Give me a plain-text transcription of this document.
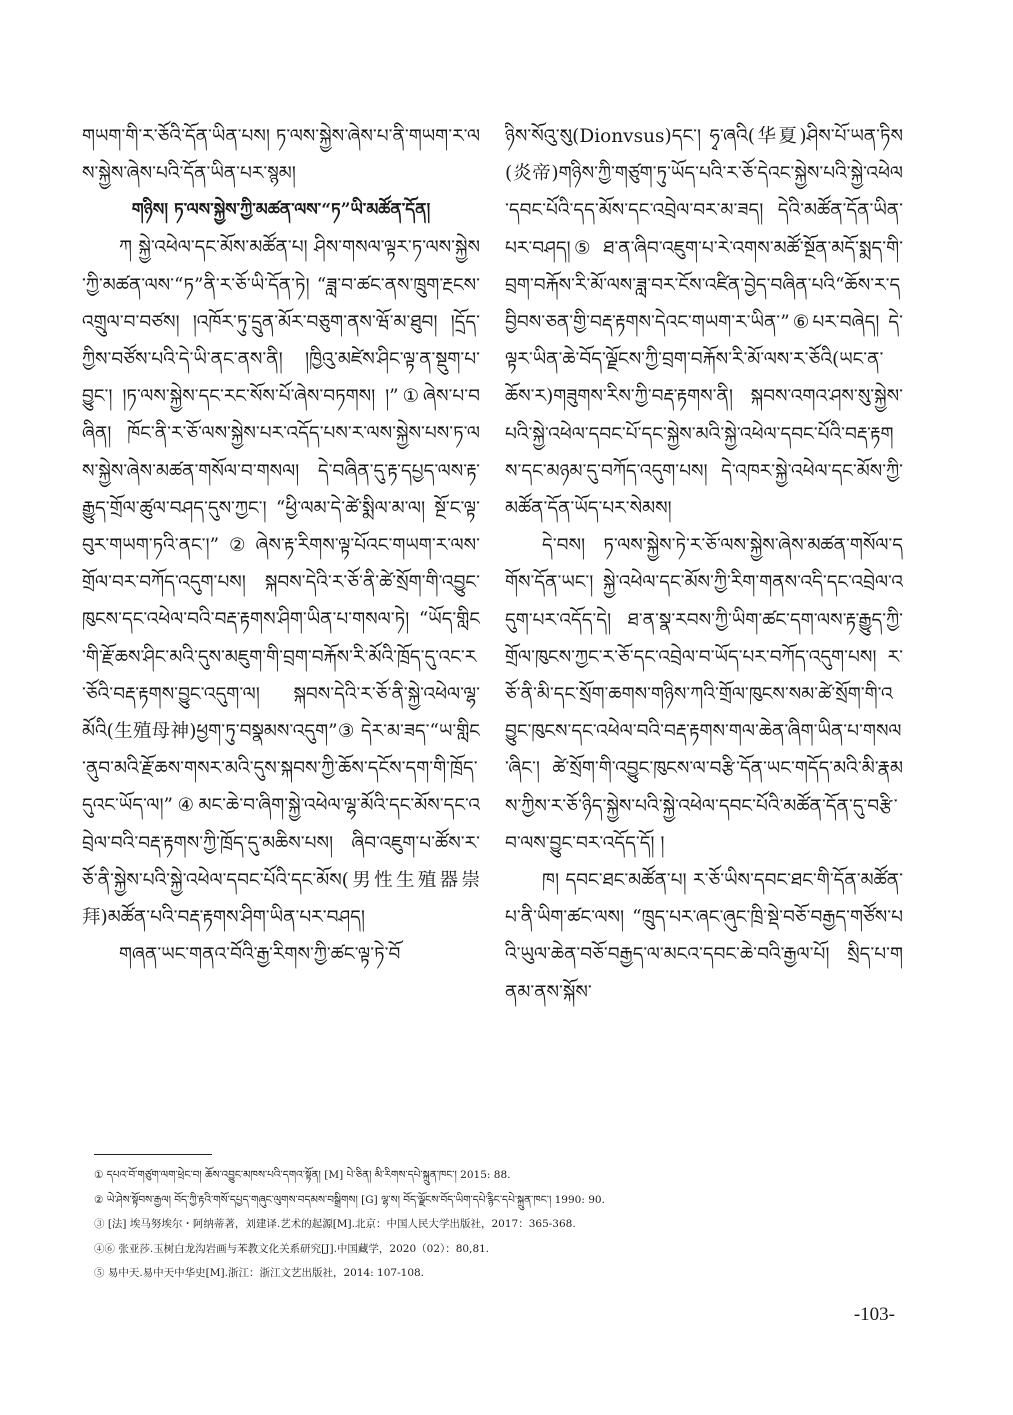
གཡག་གི་ར་ཅོའི་དོན་ཡིན་པས། ཏ་ལས་སྐྱེས་ཞེས་པ་ནི་གཡག་ར་ལས་སྐྱེས་ཞེས་པའི་དོན་ཡིན་པར་སྙམ།

གཉིས། ཏ་ལས་སྐྱེས་ཀྱི་མཚན་ལས་“ཏ”ཡི་མཚོན་དོན།

ཀ སྐྱེ་འཕེལ་དང་མོས་མཚོན་པ། ཤིས་གསལ་ལྟར་ཏ་ལས་སྐྱེས་ཀྱི་མཚན་ལས་“ཏ”ནི་ར་ཅོ་ཡི་དོན་ཏེ། “ཟླ་བ་ཚང་ནས་ཁྲུག་རྔངས་འགྲུལ་བ་བཙས། །འཁོར་ཏུ་དྲུན་མོར་བཅུག་ནས་ཝོ་མ་ཐུབ། །དྲོད་ཀྱིས་བཙོས་པའི་དེ་ཡི་ནང་ནས་ནི། །ཁྱིའུ་མཛེས་ཤིང་ལྟ་ན་སྡུག་པ་བྱུང་། །ཏ་ལས་སྐྱེས་དང་རང་སོས་པོ་ཞེས་བཏགས། །”①ཞེས་པ་བཞིན། ཁོང་ནི་ར་ཅོ་ལས་སྐྱེས་པར་འདོད་པས་ར་ལས་སྐྱེས་པས་ཏ་ལས་སྐྱེས་ཞེས་མཚན་གསོལ་བ་གསལ། དེ་བཞིན་དུ་རྟ་དཔྱད་ལས་རྟ་རྒྱུད་གྲོལ་ཚུལ་བཤད་དུས་ཀྱང་། “ཕྱི་ལམ་དེ་ཚེ་སྨིལ་མ་ལ། སྔོ་ང་ལྟ་བུར་གཡག་ཏའི་ནང་།”②ཞེས་རྟ་རིགས་ལྟ་པོའང་གཡག་ར་ལས་གྲོལ་བར་བཀོད་འདུག་པས། སྐབས་དེའི་ར་ཅོ་ནི་ཚེ་སྲོག་གི་འབྱུང་ཁུངས་དང་འཕེལ་བའི་བརྡ་རྟགས་ཤིག་ཡིན་པ་གསལ་ཏེ། “ཡོད་གླིང་གི་རྗོ་ཆས་ཤིང་མའི་དུས་མཇུག་གི་བྲག་བརྐོས་རི་མོའི་ཁྲོད་དུ་འང་ར་ཅོའི་བརྡ་རྟགས་བྱུང་འདུག་ལ། སྐབས་དེའི་ར་ཅོ་ནི་སྐྱེ་འཕེལ་ལྷ་མོའི(生殖母神)ཕྱག་ཏུ་བསྣམས་འདུག”③ དེར་མ་ཟད་“ཡ་གླིང་ནུབ་མའི་རྗོ་ཆས་གསར་མའི་དུས་སྐབས་ཀྱི་ཆོས་དངོས་དག་གི་ཁྲོད་དུའང་ཡོད་ལ།”④མང་ཆེ་བ་ཞིག་སྐྱེ་འཕེལ་ལྷ་མོའི་དང་མོས་དང་འབྲེལ་བའི་བརྡ་རྟགས་ཀྱི་ཁྲོད་དུ་མཆིས་པས། ཞིབ་འཇུག་པ་ཚོས་ར་ཅོ་ནི་སྐྱེས་པའི་སྐྱེ་འཕེལ་དབང་པོའི་དང་མོས(男性生殖器崇拜)མཚོན་པའི་བརྡ་རྟགས་ཤིག་ཡིན་པར་བཤད།

གཞན་ཡང་གནའ་བོའི་རྒྱ་རིགས་ཀྱི་ཚང་ལྟ་ཏེ་བོ

ཉིས་སོའུ་སུ(Dionvsus)དང་། ཧྭ་ཞའི(华夏)ཤིས་པོ་ཡན་ཏིས(炎帝)གཉིས་ཀྱི་གཙུག་ཏུ་ཡོད་པའི་ར་ཅོ་དེའང་སྐྱེས་པའི་སྐྱེ་འཕེལ་དབང་པོའི་དད་མོས་དང་འབྲེལ་བར་མ་ཟད། དེའི་མཚོན་དོན་ཡིན་པར་བཤད།⑤ ཐ་ན་ཞིབ་འཇུག་པ་རེ་འགས་མཚོ་སྔོན་མདོ་སྨད་གི་བྲག་བརྐོས་རི་མོ་ལས་ཟླ་བར་ངོས་འཛིན་བྱེད་བཞིན་པའི“ཆོས་ར་དབྱིབས་ཅན་གྱི་བརྡ་རྟགས་དེའང་གཡག་ར་ཡིན་”⑥པར་བཞེད། དེ་ལྟར་ཡིན་ཆེ་བོད་ལྗོངས་ཀྱི་བྲག་བརྐོས་རི་མོ་ལས་ར་ཅོའི(ཡང་ན་ཆོས་ར)གཟུགས་རིས་ཀྱི་བརྡ་རྟགས་ནི། སྐབས་འགའ་ཤས་སུ་སྐྱེས་པའི་སྐྱེ་འཕེལ་དབང་པོ་དང་སྐྱེས་མའི་སྐྱེ་འཕེལ་དབང་པོའི་བརྡ་རྟགས་དང་མཉམ་དུ་བཀོད་འདུག་པས། དེ་འཁར་སྐྱེ་འཕེལ་དང་མོས་ཀྱི་མཚོན་དོན་ཡོད་པར་སེམས།

དེ་བས། ཏ་ལས་སྐྱེས་ཏེ་ར་ཅོ་ལས་སྐྱེས་ཞེས་མཚན་གསོལ་དགོས་དོན་ཡང་། སྐྱེ་འཕེལ་དང་མོས་ཀྱི་རིག་གནས་འདི་དང་འབྲེལ་འདུག་པར་འདོད་དེ། ཐ་ན་སྣ་རབས་ཀྱི་ཡིག་ཚང་དག་ལས་རྟ་རྒྱུད་ཀྱི་གྲོལ་ཁུངས་ཀྱང་ར་ཅོ་དང་འབྲེལ་བ་ཡོད་པར་བཀོད་འདུག་པས། ར་ཅོ་ནི་མི་དང་སྲོག་ཆགས་གཉིས་ཀའི་གྲོལ་ཁུངས་སམ་ཚེ་སྲོག་གི་འབྱུང་ཁུངས་དང་འཕེལ་བའི་བརྡ་རྟགས་གལ་ཆེན་ཞིག་ཡིན་པ་གསལ་ཞིང་། ཚེ་སྲོག་གི་འབྱུང་ཁུངས་ལ་བརྩི་དོན་ཡང་གདོད་མའི་མི་རྣམས་ཀྱིས་ར་ཅོ་ཉིད་སྐྱེས་པའི་སྐྱེ་འཕེལ་དབང་པོའི་མཚོན་དོན་དུ་བརྩི་བ་ལས་བྱུང་བར་འདོད་དོ། །

ཁ། དབང་ཐང་མཚོན་པ། ར་ཅོ་ཡིས་དབང་ཐང་གི་དོན་མཚོན་པ་ནི་ཡིག་ཚང་ལས། “ཁྲུད་པར་ཞང་ཞུང་ཁྲི་སྡེ་བཅོ་བརྒྱད་གཙོས་པའི་ཡུལ་ཆེན་བཅོ་བརྒྱད་ལ་མངའ་དབང་ཆེ་བའི་རྒྱལ་པོ། སྲིད་པ་གནམ་ནས་སྐོས་

① དཔའ་བོ་གཙུག་ལག་ཕྲེང་བ། ཆོས་འབྱུང་མཁས་པའི་དགའ་སྟོན། [M] པེ་ཅིན། མི་རིགས་དཔེ་སྐྲུན་ཁང་། 2015: 88.

② ཡེ་ཤེས་སྟོབས་རྒྱལ། བོད་ཀྱི་རྟའི་གསོ་དཔྱད་གཞུང་ལུགས་བདམས་བསྒྲིགས། [G] ལྷ་ས། བོད་ལྗོངས་བོད་ཡིག་དཔེ་རྙིང་དཔེ་སྐྲུན་ཁང་། 1990: 90.

③ [法] 埃马努埃尔・阿纳蒂著，刘建译.艺术的起源[M].北京：中国人民大学出版社，2017：365-368.

④⑥ 张亚莎.玉树白龙沟岩画与苯教文化关系研究[J].中国藏学，2020（02）：80,81.

⑤ 易中天.易中天中华史[M].浙江：浙江文艺出版社，2014: 107-108.

-103-
